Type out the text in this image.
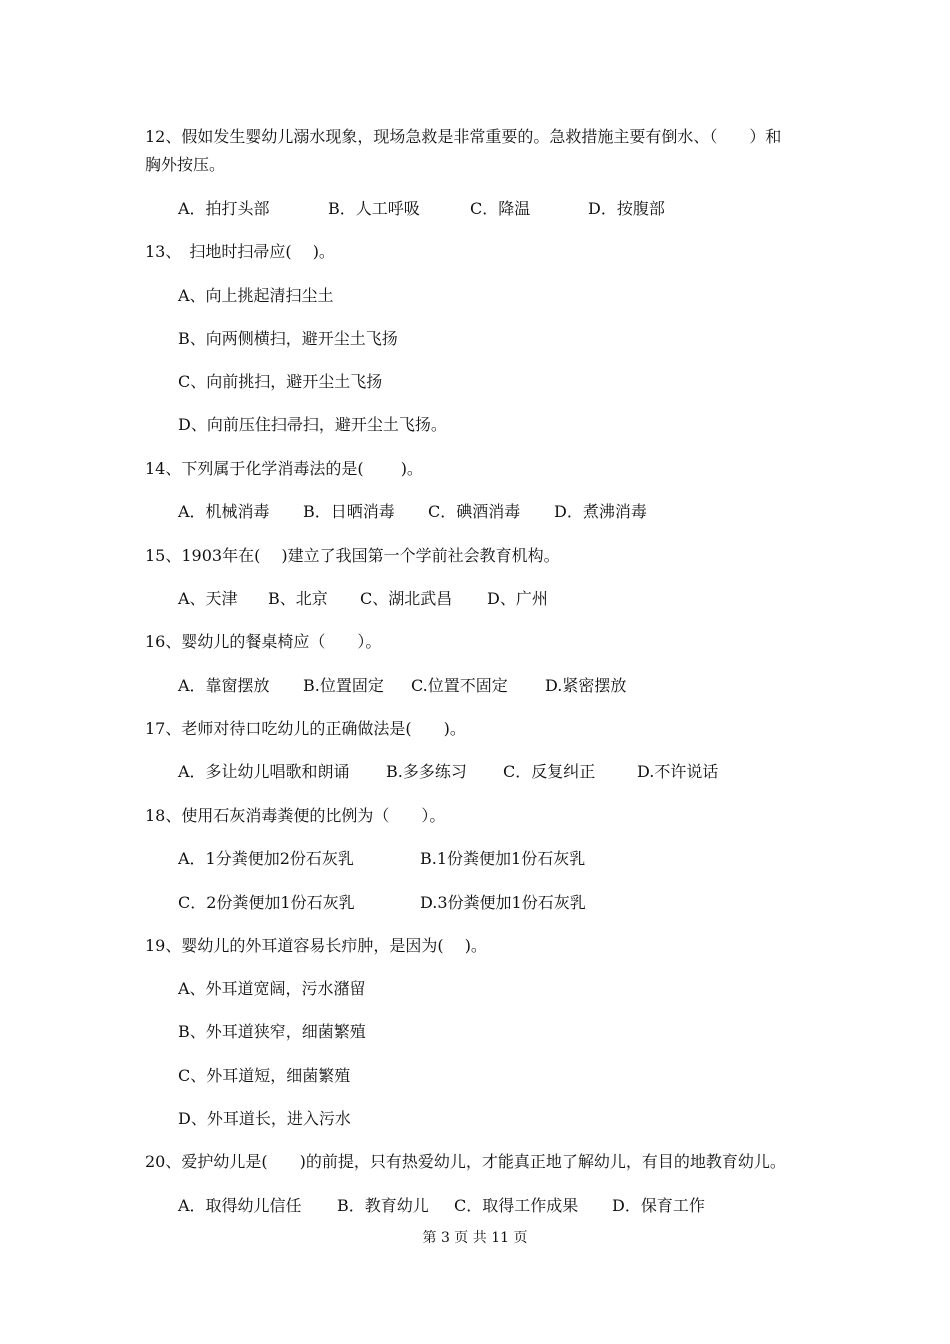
12、假如发生婴幼儿溺水现象，现场急救是非常重要的。急救措施主要有倒水、（　　）和
胸外按压。
A．拍打头部	B．人工呼吸	C．降温	D．按腹部
13、　扫地时扫帚应(　 )。
A、向上挑起清扫尘土
B、向两侧横扫，避开尘土飞扬
C、向前挑扫，避开尘土飞扬
D、向前压住扫帚扫，避开尘土飞扬。
14、下列属于化学消毒法的是(　　 )。
A．机械消毒 B．日晒消毒 C．碘酒消毒 D．煮沸消毒
15、1903年在(　 )建立了我国第一个学前社会教育机构。
A、天津 B、北京 C、湖北武昌 D、广州
16、婴幼儿的餐桌椅应（　　）。
A．靠窗摆放 B.位置固定 C.位置不固定 D.紧密摆放
17、老师对待口吃幼儿的正确做法是(　　)。
A．多让幼儿唱歌和朗诵 B.多多练习 C．反复纠正	D.不许说话
18、使用石灰消毒粪便的比例为（　　）。
A．1分粪便加2份石灰乳	B.1份粪便加1份石灰乳
C．2份粪便加1份石灰乳	D.3份粪便加1份石灰乳
19、婴幼儿的外耳道容易长疖肿，是因为(　 )。
A、外耳道宽阔，污水潴留
B、外耳道狭窄，细菌繁殖
C、外耳道短，细菌繁殖
D、外耳道长，进入污水
20、爱护幼儿是(　　)的前提，只有热爱幼儿，才能真正地了解幼儿，有目的地教育幼儿。
A．取得幼儿信任 B．教育幼儿 C．取得工作成果 D．保育工作
第 3 页 共 11 页
